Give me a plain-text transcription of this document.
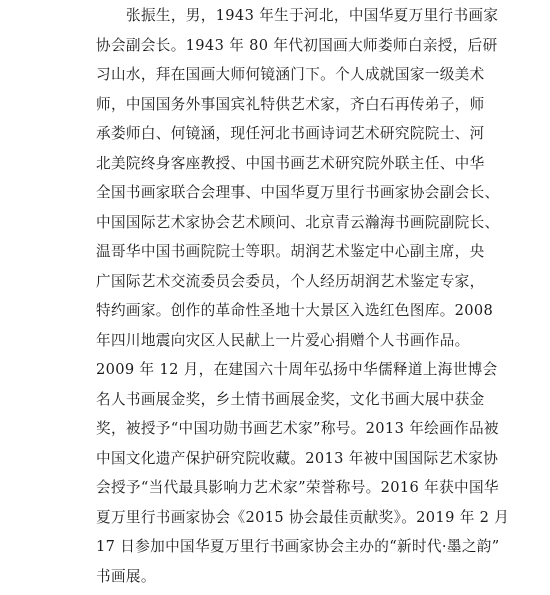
张振生，男，1943 年生于河北，中国华夏万里行书画家
协会副会长。1943 年 80 年代初国画大师娄师白亲授，后研
习山水，拜在国画大师何镜涵门下。个人成就国家一级美术
师，中国国务外事国宾礼特供艺术家，齐白石再传弟子，师
承娄师白、何镜涵，现任河北书画诗词艺术研究院院士、河
北美院终身客座教授、中国书画艺术研究院外联主任、中华
全国书画家联合会理事、中国华夏万里行书画家协会副会长、
中国国际艺术家协会艺术顾问、北京青云瀚海书画院副院长、
温哥华中国书画院院士等职。胡润艺术鉴定中心副主席，央
广国际艺术交流委员会委员，个人经历胡润艺术鉴定专家，
特约画家。创作的革命性圣地十大景区入选红色图库。2008
年四川地震向灾区人民献上一片爱心捐赠个人书画作品。
2009 年 12 月，在建国六十周年弘扬中华儒释道上海世博会
名人书画展金奖，乡土情书画展金奖，文化书画大展中获金
奖，被授予“中国功勋书画艺术家”称号。2013 年绘画作品被
中国文化遗产保护研究院收藏。2013 年被中国国际艺术家协
会授予“当代最具影响力艺术家”荣誉称号。2016 年获中国华
夏万里行书画家协会《2015 协会最佳贡献奖》。2019 年 2 月
17 日参加中国华夏万里行书画家协会主办的“新时代·墨之韵”
书画展。
